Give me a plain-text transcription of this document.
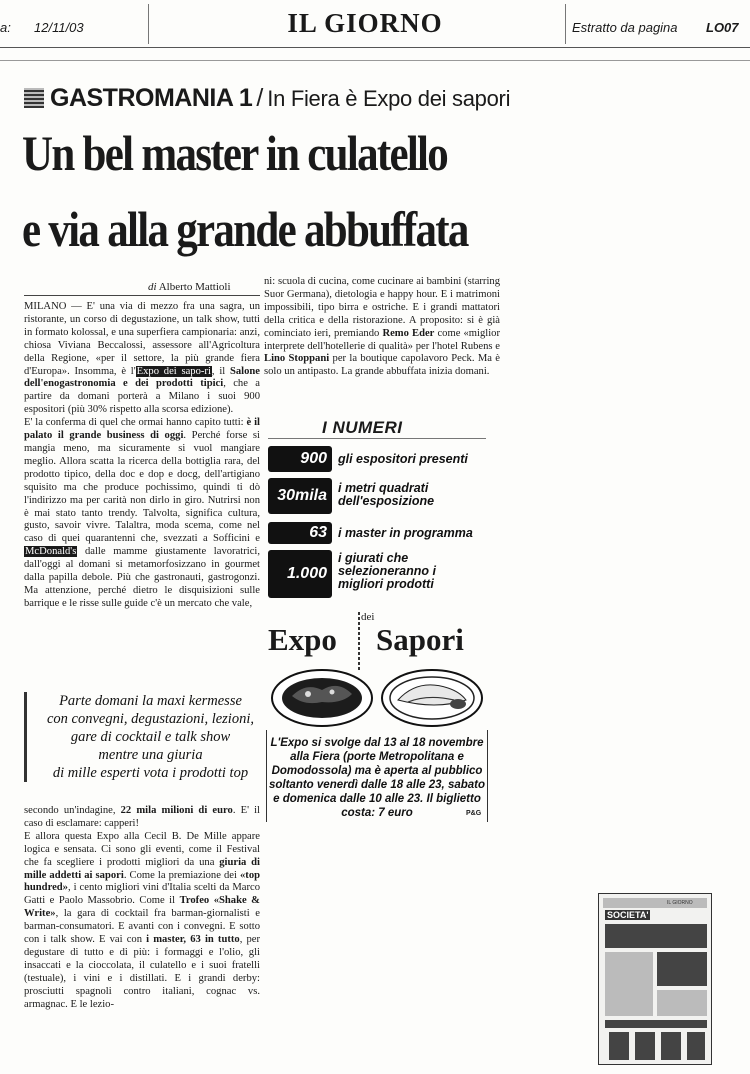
a: 12/11/03	IL GIORNO	Estratto da pagina LO07
GASTROMANIA 1 / In Fiera è Expo dei sapori
Un bel master in culatello
e via alla grande abbuffata
di Alberto Mattioli

MILANO — E' una via di mezzo fra una sagra, un ristorante, un corso di degustazione, un talk show, tutti in formato kolossal, e una superfiera campionaria: anzi, chiosa Viviana Beccalossi, assessore all'Agricoltura della Regione, «per il settore, la più grande fiera d'Europa». Insomma, è l'Expo dei sapo-ri, il Salone dell'enogastronomia e dei prodotti tipici, che a partire da domani porterà a Milano i suoi 900 espositori (più 30% rispetto alla scorsa edizione).

E' la conferma di quel che ormai hanno capito tutti: è il palato il grande business di oggi. Perché forse si mangia meno, ma sicuramente si vuol mangiare meglio. Allora scatta la ricerca della bottiglia rara, del prodotto tipico, della doc e dop e docg, dell'artigiano squisito ma che produce pochissimo, quindi ti dò l'indirizzo ma per carità non dirlo in giro. Nutrirsi non è mai stato tanto trendy. Talvolta, significa cultura, gusto, savoir vivre. Talaltra, moda scema, come nel caso di quei quarantenni che, svezzati a Sofficini e McDonald's dalle mamme giustamente lavoratrici, dall'oggi al domani si metamorfosizzano in gourmet dalla papilla debole. Più che gastronauti, gastrogonzi. Ma attenzione, perché dietro le disquisizioni sulle barrique e le risse sulle guide c'è un mercato che vale,

Parte domani la maxi kermesse
con convegni, degustazioni, lezioni,
gare di cocktail e talk show
mentre una giuria
di mille esperti vota i prodotti top

secondo un'indagine, 22 mila milioni di euro. E' il caso di esclamare: capperi!

E allora questa Expo alla Cecil B. De Mille appare logica e sensata. Ci sono gli eventi, come il Festival che fa scegliere i prodotti migliori da una giuria di mille addetti ai sapori. Come la premiazione dei «top hundred», i cento migliori vini d'Italia scelti da Marco Gatti e Paolo Massobrio. Come il Trofeo «Shake & Write», la gara di cocktail fra barman-giornalisti e barman-consumatori. E avanti con i convegni. E sotto con i talk show. E vai con i master, 63 in tutto, per degustare di tutto e di più: i formaggi e l'olio, gli insaccati e la cioccolata, il culatello e i suoi fratelli (testuale), i vini e i distillati. E i grandi derby: prosciutti spagnoli contro italiani, cognac vs. armagnac. E le lezio-

ni: scuola di cucina, come cucinare ai bambini (starring Suor Germana), dietologia e happy hour. E i matrimoni impossibili, tipo birra e ostriche. E i grandi mattatori della critica e della ristorazione. A proposito: si è già cominciato ieri, premiando Remo Eder come «miglior interprete dell'hotellerie di qualità» per l'hotel Rubens e Lino Stoppani per la boutique capolavoro Peck. Ma è solo un antipasto. La grande abbuffata inizia domani.

I NUMERI
900 gli espositori presenti
30mila i metri quadrati dell'esposizione
63 i master in programma
1.000
i giurati che selezioneranno i migliori prodotti
Expo
dei
Sapori
L'Expo si svolge dal 13 al 18 novembre alla Fiera (porte Metropolitana e Domodossola) ma è aperta al pubblico soltanto venerdì dalle 18 alle 23, sabato e domenica dalle 10 alle 23. Il biglietto costa: 7 euro	P&G
IL GIORNO
SOCIETA'
